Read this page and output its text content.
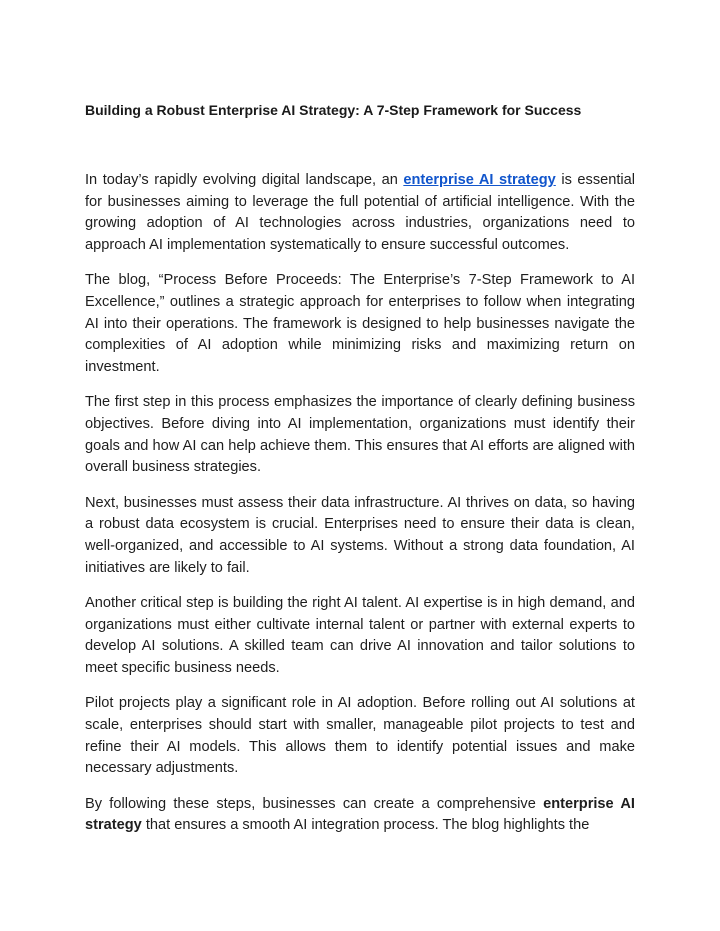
Building a Robust Enterprise AI Strategy: A 7-Step Framework for Success

In today’s rapidly evolving digital landscape, an enterprise AI strategy is essential for businesses aiming to leverage the full potential of artificial intelligence. With the growing adoption of AI technologies across industries, organizations need to approach AI implementation systematically to ensure successful outcomes.

The blog, “Process Before Proceeds: The Enterprise’s 7-Step Framework to AI Excellence,” outlines a strategic approach for enterprises to follow when integrating AI into their operations. The framework is designed to help businesses navigate the complexities of AI adoption while minimizing risks and maximizing return on investment.

The first step in this process emphasizes the importance of clearly defining business objectives. Before diving into AI implementation, organizations must identify their goals and how AI can help achieve them. This ensures that AI efforts are aligned with overall business strategies.

Next, businesses must assess their data infrastructure. AI thrives on data, so having a robust data ecosystem is crucial. Enterprises need to ensure their data is clean, well-organized, and accessible to AI systems. Without a strong data foundation, AI initiatives are likely to fail.

Another critical step is building the right AI talent. AI expertise is in high demand, and organizations must either cultivate internal talent or partner with external experts to develop AI solutions. A skilled team can drive AI innovation and tailor solutions to meet specific business needs.

Pilot projects play a significant role in AI adoption. Before rolling out AI solutions at scale, enterprises should start with smaller, manageable pilot projects to test and refine their AI models. This allows them to identify potential issues and make necessary adjustments.

By following these steps, businesses can create a comprehensive enterprise AI strategy that ensures a smooth AI integration process. The blog highlights the
